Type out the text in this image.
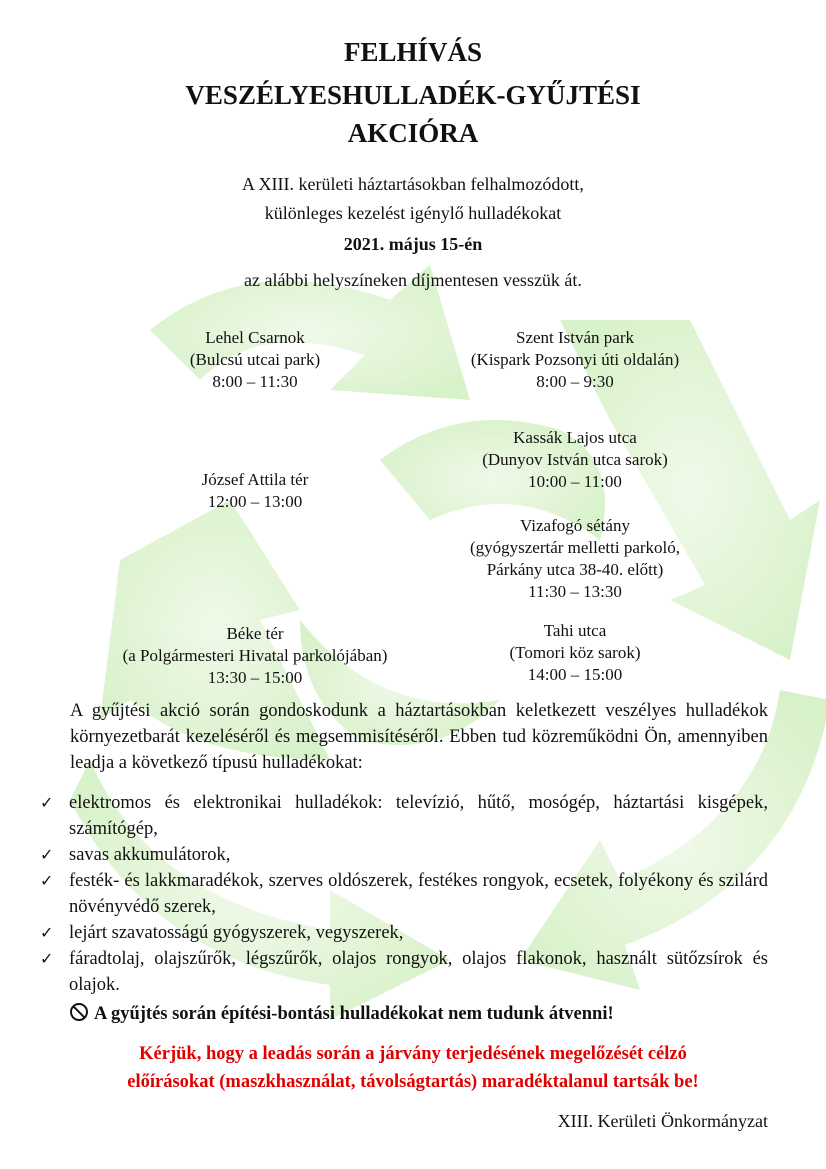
FELHÍVÁS
VESZÉLYESHULLADÉK-GYŰJTÉSI
AKCIÓRA
A XIII. kerületi háztartásokban felhalmozódott,
különleges kezelést igénylő hulladékokat
2021. május 15-én
az alábbi helyszíneken díjmentesen vesszük át.
Lehel Csarnok
(Bulcsú utcai park)
8:00 – 11:30
Szent István park
(Kispark Pozsonyi úti oldalán)
8:00 – 9:30
Kassák Lajos utca
(Dunyov István utca sarok)
10:00 – 11:00
József Attila tér
12:00 – 13:00
Vizafogó sétány
(gyógyszertár melletti parkoló,
Párkány utca 38-40. előtt)
11:30 – 13:30
Béke tér
(a Polgármesteri Hivatal parkolójában)
13:30 – 15:00
Tahi utca
(Tomori köz sarok)
14:00 – 15:00
A gyűjtési akció során gondoskodunk a háztartásokban keletkezett veszélyes hulladékok környezetbarát kezeléséről és megsemmisítéséről. Ebben tud közreműködni Ön, amennyiben leadja a következő típusú hulladékokat:
✓ elektromos és elektronikai hulladékok: televízió, hűtő, mosógép, háztartási kisgépek, számítógép,
✓ savas akkumulátorok,
✓ festék- és lakkmaradékok, szerves oldószerek, festékes rongyok, ecsetek, folyékony és szilárd növényvédő szerek,
✓ lejárt szavatosságú gyógyszerek, vegyszerek,
✓ fáradtolaj, olajszűrők, légszűrők, olajos rongyok, olajos flakonok, használt sütőzsírok és olajok.
A gyűjtés során építési-bontási hulladékokat nem tudunk átvenni!
Kérjük, hogy a leadás során a járvány terjedésének megelőzését célzó
előírásokat (maszkhasználat, távolságtartás) maradéktalanul tartsák be!
XIII. Kerületi Önkormányzat
